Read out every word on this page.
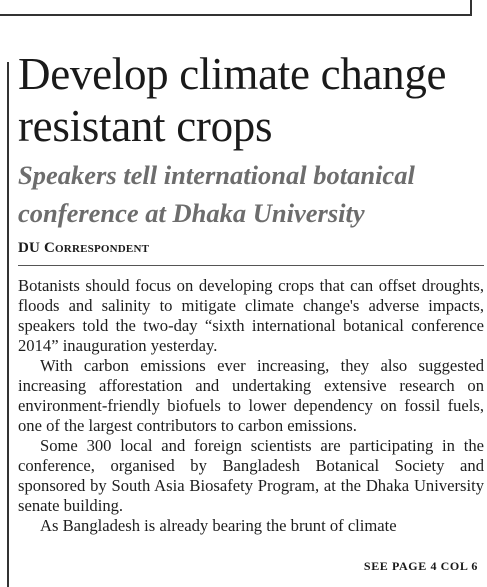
Develop climate change resistant crops
Speakers tell international botanical conference at Dhaka University
DU Correspondent

Botanists should focus on developing crops that can offset droughts, floods and salinity to mitigate climate change's adverse impacts, speakers told the two-day “sixth international botanical conference 2014” inauguration yesterday.

With carbon emissions ever increasing, they also suggested increasing afforestation and undertaking extensive research on environment-friendly biofuels to lower dependency on fossil fuels, one of the largest contributors to carbon emissions.

Some 300 local and foreign scientists are participating in the conference, organised by Bangladesh Botanical Society and sponsored by South Asia Biosafety Program, at the Dhaka University senate building.

As Bangladesh is already bearing the brunt of climate

SEE PAGE 4 COL 6
